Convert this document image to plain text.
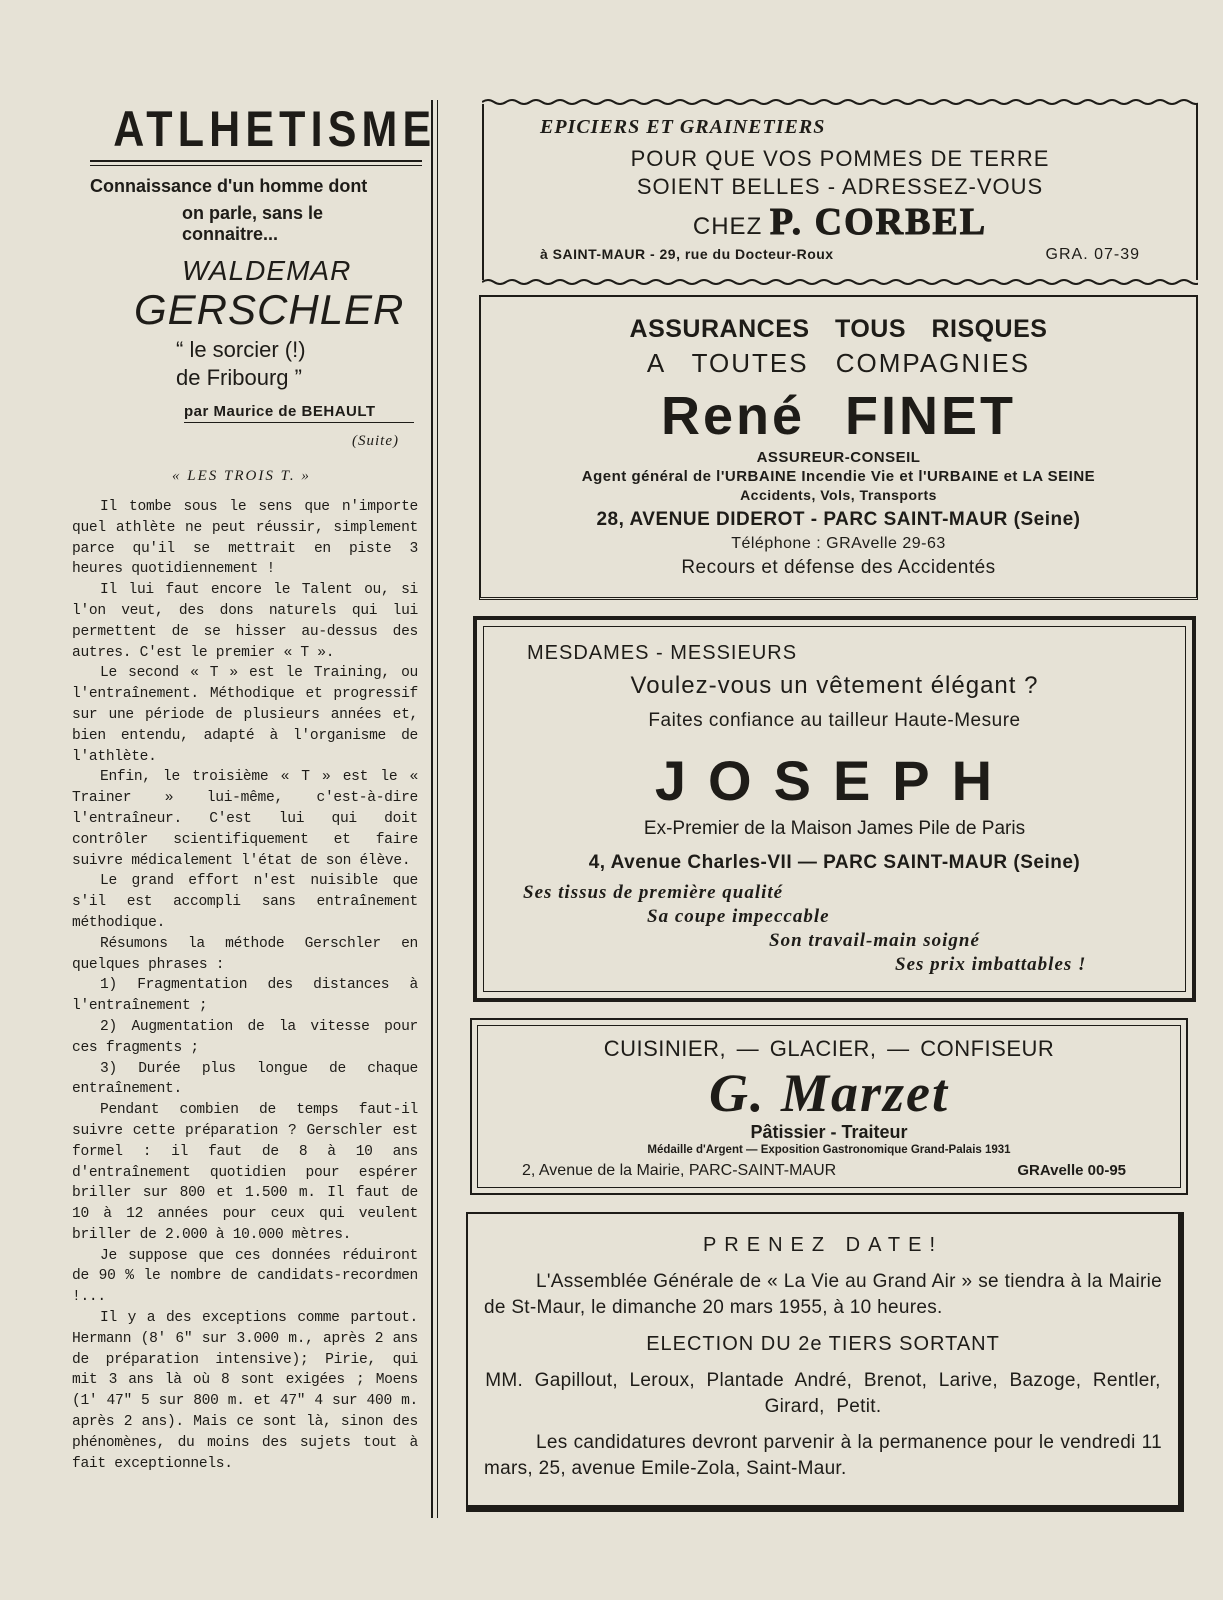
ATLHETISME
Connaissance d'un homme dont
on parle, sans le connaitre...
WALDEMAR
GERSCHLER
“ le sorcier (!)
de Fribourg ”
par Maurice de BEHAULT
(Suite)
« LES TROIS T. »

Il tombe sous le sens que n'importe quel athlète ne peut réussir, simplement parce qu'il se mettrait en piste 3 heures quotidiennement !

Il lui faut encore le Talent ou, si l'on veut, des dons naturels qui lui permettent de se hisser au-dessus des autres. C'est le premier « T ».

Le second « T » est le Training, ou l'entraînement. Méthodique et progressif sur une période de plusieurs années et, bien entendu, adapté à l'organisme de l'athlète.

Enfin, le troisième « T » est le « Trainer » lui-même, c'est-à-dire l'entraîneur. C'est lui qui doit contrôler scientifiquement et faire suivre médicalement l'état de son élève.

Le grand effort n'est nuisible que s'il est accompli sans entraînement méthodique.

Résumons la méthode Gerschler en quelques phrases :

1) Fragmentation des distances à l'entraînement ;

2) Augmentation de la vitesse pour ces fragments ;

3) Durée plus longue de chaque entraînement.

Pendant combien de temps faut-il suivre cette préparation ? Gerschler est formel : il faut de 8 à 10 ans d'entraînement quotidien pour espérer briller sur 800 et 1.500 m. Il faut de 10 à 12 années pour ceux qui veulent briller de 2.000 à 10.000 mètres.

Je suppose que ces données réduiront de 90 % le nombre de candidats-recordmen !...

Il y a des exceptions comme partout. Hermann (8' 6" sur 3.000 m., après 2 ans de préparation intensive); Pirie, qui mit 3 ans là où 8 sont exigées ; Moens (1' 47" 5 sur 800 m. et 47" 4 sur 400 m. après 2 ans). Mais ce sont là, sinon des phénomènes, du moins des sujets tout à fait exceptionnels.

EPICIERS ET GRAINETIERS
POUR QUE VOS POMMES DE TERRE
SOIENT BELLES - ADRESSEZ-VOUS
CHEZ P. CORBEL
à SAINT-MAUR - 29, rue du Docteur-Roux	GRA. 07-39
ASSURANCES TOUS RISQUES
A TOUTES COMPAGNIES
René FINET
ASSUREUR-CONSEIL
Agent général de l'URBAINE Incendie Vie et l'URBAINE et LA SEINE
Accidents, Vols, Transports
28, AVENUE DIDEROT - PARC SAINT-MAUR (Seine)
Téléphone : GRAvelle 29-63
Recours et défense des Accidentés
MESDAMES - MESSIEURS
Voulez-vous un vêtement élégant ?
Faites confiance au tailleur Haute-Mesure
JOSEPH
Ex-Premier de la Maison James Pile de Paris
4, Avenue Charles-VII — PARC SAINT-MAUR (Seine)
Ses tissus de première qualité
Sa coupe impeccable
Son travail-main soigné
Ses prix imbattables !
CUISINIER, — GLACIER, — CONFISEUR
G. Marzet
Pâtissier - Traiteur
Médaille d'Argent — Exposition Gastronomique Grand-Palais 1931
2, Avenue de la Mairie, PARC-SAINT-MAUR	GRAvelle 00-95
PRENEZ DATE!
L'Assemblée Générale de « La Vie au Grand Air » se tiendra à la Mairie de St-Maur, le dimanche 20 mars 1955, à 10 heures.
ELECTION DU 2e TIERS SORTANT
MM. Gapillout, Leroux, Plantade André, Brenot, Larive, Bazoge, Rentler, Girard, Petit.
Les candidatures devront parvenir à la permanence pour le vendredi 11 mars, 25, avenue Emile-Zola, Saint-Maur.
